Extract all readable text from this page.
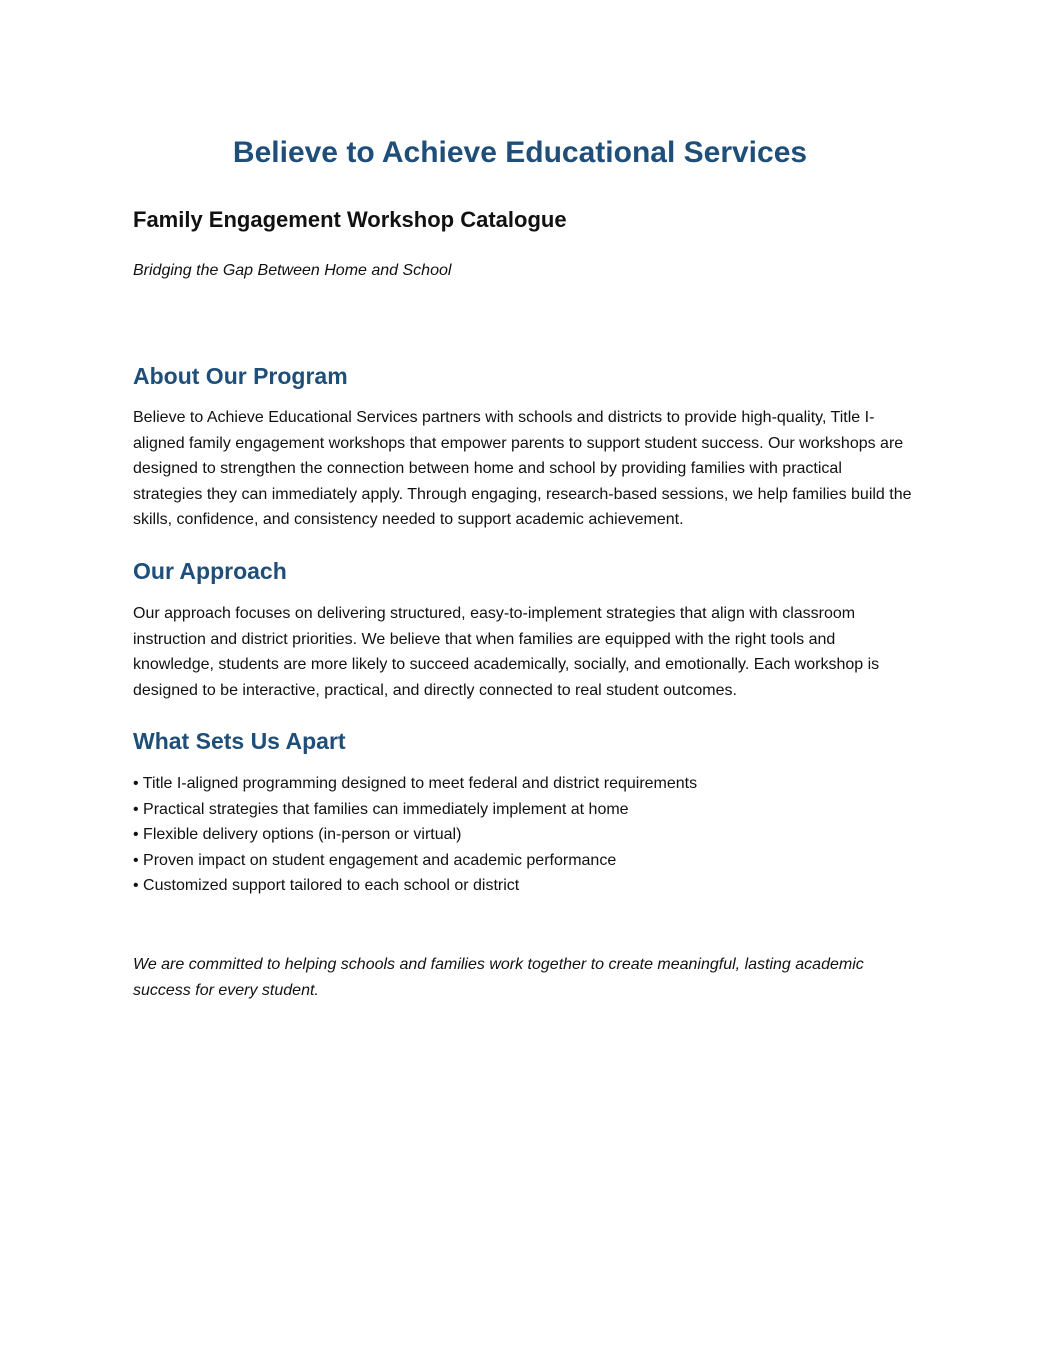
Believe to Achieve Educational Services
Family Engagement Workshop Catalogue

Bridging the Gap Between Home and School

About Our Program

Believe to Achieve Educational Services partners with schools and districts to provide high-quality, Title I-aligned family engagement workshops that empower parents to support student success. Our workshops are designed to strengthen the connection between home and school by providing families with practical strategies they can immediately apply. Through engaging, research-based sessions, we help families build the skills, confidence, and consistency needed to support academic achievement.

Our Approach

Our approach focuses on delivering structured, easy-to-implement strategies that align with classroom instruction and district priorities. We believe that when families are equipped with the right tools and knowledge, students are more likely to succeed academically, socially, and emotionally. Each workshop is designed to be interactive, practical, and directly connected to real student outcomes.

What Sets Us Apart
• Title I-aligned programming designed to meet federal and district requirements
• Practical strategies that families can immediately implement at home
• Flexible delivery options (in-person or virtual)
• Proven impact on student engagement and academic performance
• Customized support tailored to each school or district

We are committed to helping schools and families work together to create meaningful, lasting academic success for every student.
